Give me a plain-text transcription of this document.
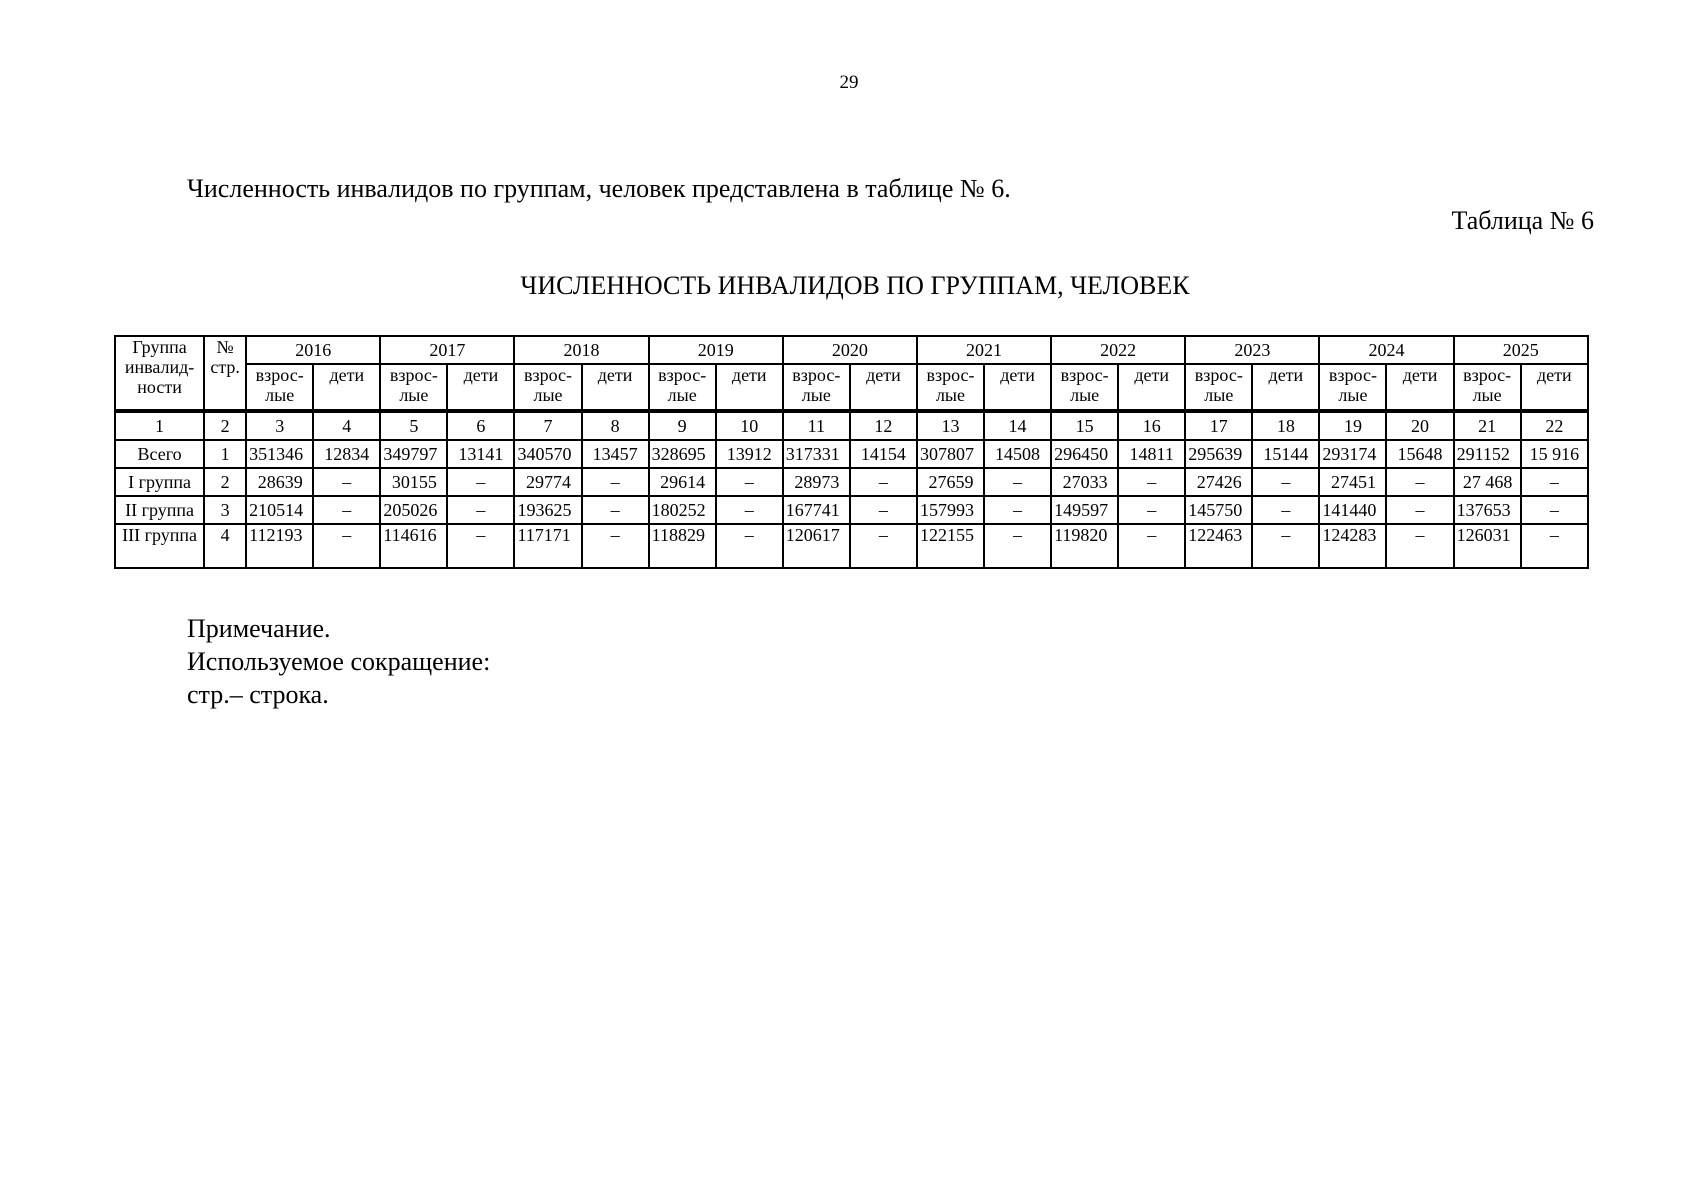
29
Численность инвалидов по группам, человек представлена в таблице № 6.
Таблица № 6
ЧИСЛЕННОСТЬ ИНВАЛИДОВ ПО ГРУППАМ, ЧЕЛОВЕК
Группа инвалид-ности	№ стр.	2016		2017		2018		2019		2020		2021		2022		2023		2024		2025	
		взрос-лые	дети	взрос-лые	дети	взрос-лые	дети	взрос-лые	дети	взрос-лые	дети	взрос-лые	дети	взрос-лые	дети	взрос-лые	дети	взрос-лые	дети	взрос-лые	дети
1	2	3	4	5	6	7	8	9	10	11	12	13	14	15	16	17	18	19	20	21	22
Всего	1	351346	12834	349797	13141	340570	13457	328695	13912	317331	14154	307807	14508	296450	14811	295639	15144	293174	15648	291152	15 916
I группа	2	28639	–	30155	–	29774	–	29614	–	28973	–	27659	–	27033	–	27426	–	27451	–	27 468	–
II группа	3	210514	–	205026	–	193625	–	180252	–	167741	–	157993	–	149597	–	145750	–	141440	–	137653	–
III группа	4	112193	–	114616	–	117171	–	118829	–	120617	–	122155	–	119820	–	122463	–	124283	–	126031	–
Примечание.
Используемое сокращение:
стр.– строка.
